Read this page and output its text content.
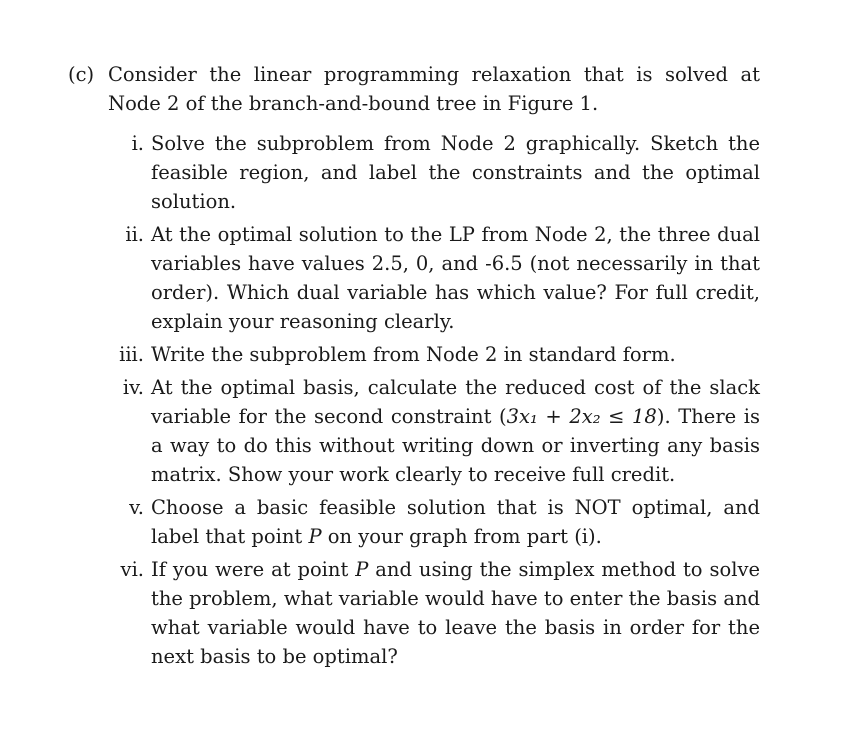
(c) Consider the linear programming relaxation that is solved at Node 2 of the branch-and-bound tree in Figure 1.
i. Solve the subproblem from Node 2 graphically. Sketch the feasible region, and label the constraints and the optimal solution.
ii. At the optimal solution to the LP from Node 2, the three dual variables have values 2.5, 0, and -6.5 (not necessarily in that order). Which dual variable has which value? For full credit, explain your reasoning clearly.
iii. Write the subproblem from Node 2 in standard form.
iv. At the optimal basis, calculate the reduced cost of the slack variable for the second constraint (3x₁ + 2x₂ ≤ 18). There is a way to do this without writing down or inverting any basis matrix. Show your work clearly to receive full credit.
v. Choose a basic feasible solution that is NOT optimal, and label that point P on your graph from part (i).
vi. If you were at point P and using the simplex method to solve the problem, what variable would have to enter the basis and what variable would have to leave the basis in order for the next basis to be optimal?
